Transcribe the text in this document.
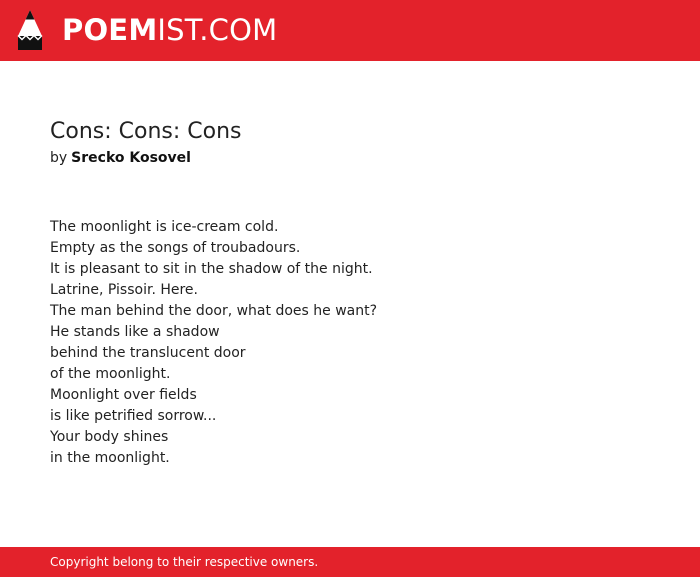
POEMIST.COM
Cons: Cons: Cons
by Srecko Kosovel
The moonlight is ice-cream cold.
Empty as the songs of troubadours.
It is pleasant to sit in the shadow of the night.
Latrine, Pissoir. Here.
The man behind the door, what does he want?
He stands like a shadow
behind the translucent door
of the moonlight.
Moonlight over fields
is like petrified sorrow...
Your body shines
in the moonlight.
Copyright belong to their respective owners.
